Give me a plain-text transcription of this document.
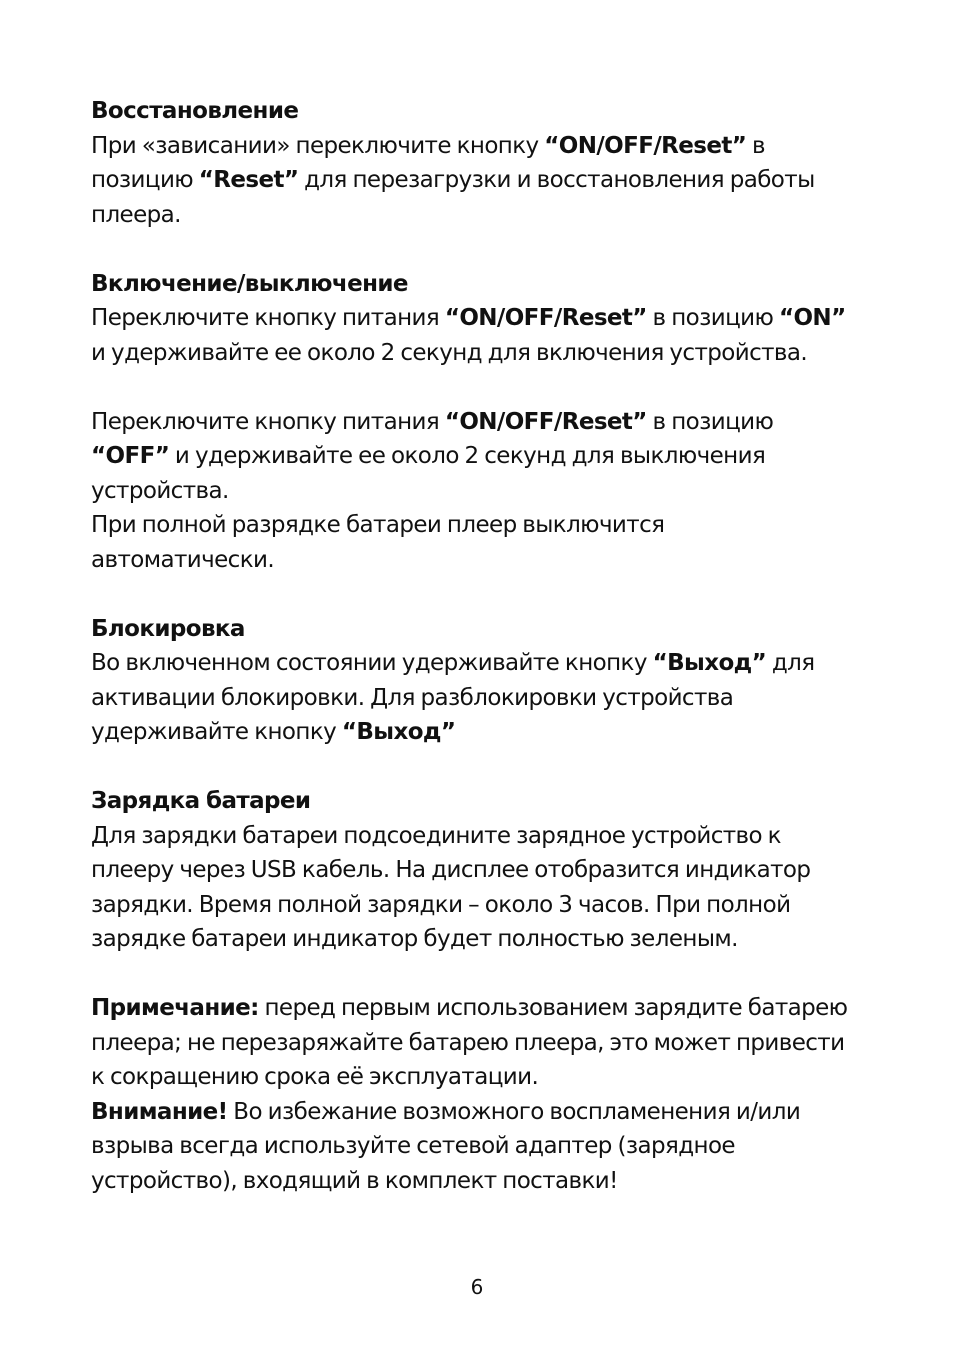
Восстановление
При «зависании» переключите кнопку “ON/OFF/Reset” в
позицию “Reset” для перезагрузки и восстановления работы
плеера.
Включение/выключение
Переключите кнопку питания “ON/OFF/Reset” в позицию “ON”
и удерживайте ее около 2 секунд для включения устройства.
Переключите кнопку питания “ON/OFF/Reset” в позицию
“OFF” и удерживайте ее около 2 секунд для выключения
устройства.
При полной разрядке батареи плеер выключится
автоматически.
Блокировка
Во включенном состоянии удерживайте кнопку “Выход” для
активации блокировки. Для разблокировки устройства
удерживайте кнопку “Выход”
Зарядка батареи
Для зарядки батареи подсоедините зарядное устройство к
плееру через USB кабель. На дисплее отобразится индикатор
зарядки. Время полной зарядки – около 3 часов. При полной
зарядке батареи индикатор будет полностью зеленым.
Примечание: перед первым использованием зарядите батарею
плеера; не перезаряжайте батарею плеера, это может привести
к сокращению срока её эксплуатации.
Внимание! Во избежание возможного воспламенения и/или
взрыва всегда используйте сетевой адаптер (зарядное
устройство), входящий в комплект поставки!
6
